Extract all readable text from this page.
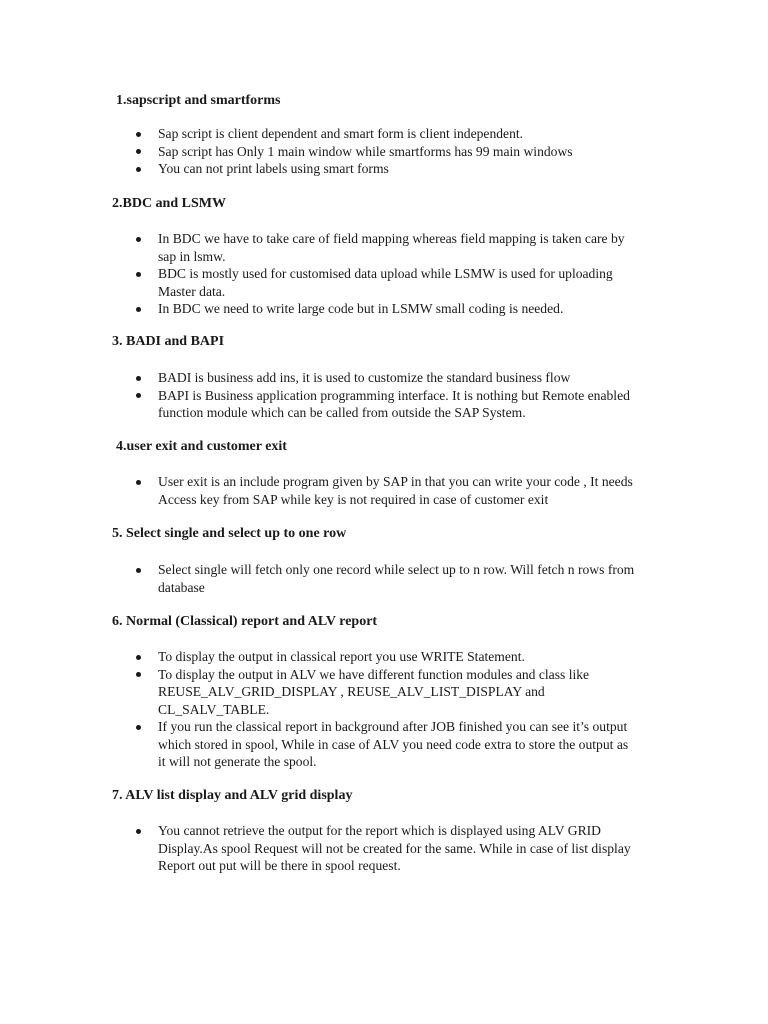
1.sapscript and smartforms
Sap script is client dependent and smart form is client independent.
Sap script has Only 1 main window while smartforms has 99 main windows
You can not print labels using smart forms
2.BDC and LSMW
In BDC we have to take care of field mapping whereas field mapping is taken care by sap in lsmw.
BDC is mostly used for customised data upload while LSMW is used for uploading Master data.
In BDC we need to write large code but in LSMW small coding is needed.
3. BADI and BAPI
BADI is business add ins, it is used to customize the standard business flow
BAPI is Business application programming interface. It is nothing but Remote enabled function module which can be called from outside the SAP System.
4.user exit and customer exit
User exit is an include program given by SAP in that you can write your code , It needs Access key from SAP while key is not required in case of customer exit
5. Select single and select up to one row
Select single will fetch only one record while select up to n row. Will fetch n rows from database
6. Normal (Classical) report and ALV report
To display the output in classical report you use WRITE Statement.
To display the output in ALV we have different function modules and class like REUSE_ALV_GRID_DISPLAY , REUSE_ALV_LIST_DISPLAY and CL_SALV_TABLE.
If you run the classical report in background after JOB finished you can see it’s output which stored in spool, While in case of ALV you need code extra to store the output as it will not generate the spool.
7. ALV list display and ALV grid display
You cannot retrieve the output for the report which is displayed using ALV GRID Display.As spool Request will not be created for the same. While in case of list display Report out put will be there in spool request.
